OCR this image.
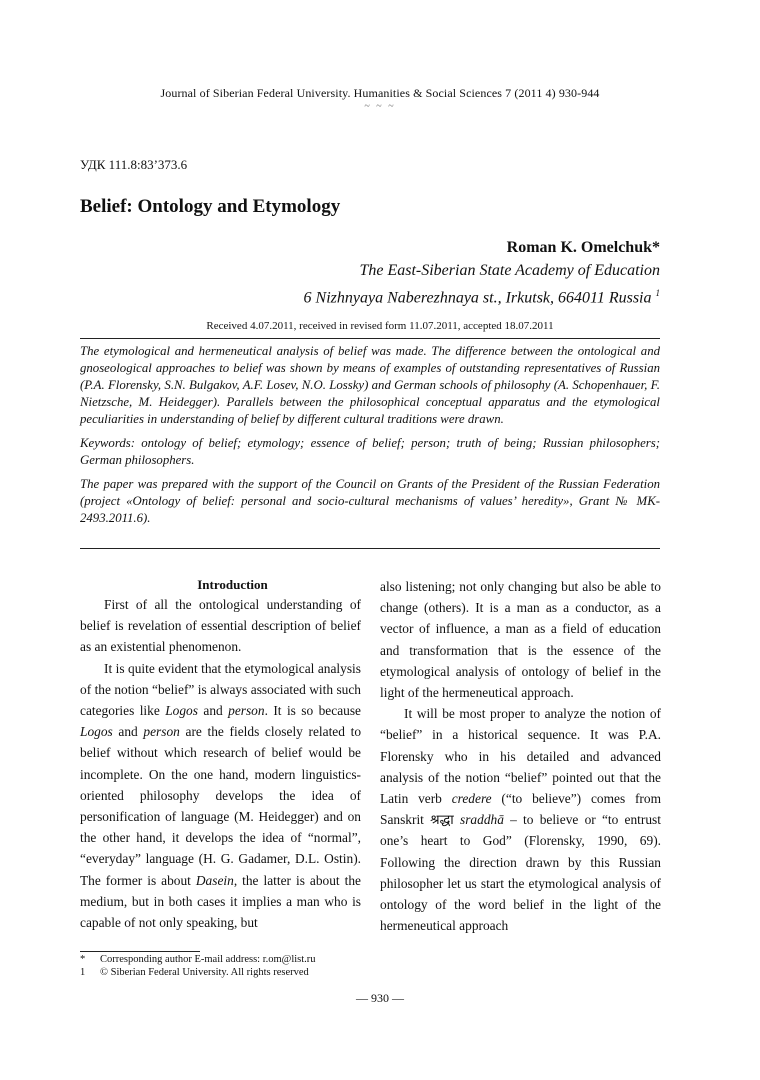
Journal of Siberian Federal University. Humanities & Social Sciences 7 (2011 4) 930-944
~ ~ ~
УДК 111.8:83’373.6
Belief: Ontology and Etymology
Roman K. Omelchuk*
The East-Siberian State Academy of Education
6 Nizhnyaya Naberezhnaya st., Irkutsk, 664011 Russia $^1$
Received 4.07.2011, received in revised form 11.07.2011, accepted 18.07.2011

The etymological and hermeneutical analysis of belief was made. The difference between the ontological and gnoseological approaches to belief was shown by means of examples of outstanding representatives of Russian (P.A. Florensky, S.N. Bulgakov, A.F. Losev, N.O. Lossky) and German schools of philosophy (A. Schopenhauer, F. Nietzsche, M. Heidegger). Parallels between the philosophical conceptual apparatus and the etymological peculiarities in understanding of belief by different cultural traditions were drawn.

Keywords: ontology of belief; etymology; essence of belief; person; truth of being; Russian philosophers; German philosophers.

The paper was prepared with the support of the Council on Grants of the President of the Russian Federation (project «Ontology of belief: personal and socio-cultural mechanisms of values’ heredity», Grant № MK-2493.2011.6).

Introduction

First of all the ontological understanding of belief is revelation of essential description of belief as an existential phenomenon.

It is quite evident that the etymological analysis of the notion “belief” is always associated with such categories like Logos and person. It is so because Logos and person are the fields closely related to belief without which research of belief would be incomplete. On the one hand, modern linguistics-oriented philosophy develops the idea of personification of language (M. Heidegger) and on the other hand, it develops the idea of “normal”, “everyday” language (H. G. Gadamer, D.L. Ostin). The former is about Dasein, the latter is about the medium, but in both cases it implies a man who is capable of not only speaking, but

also listening; not only changing but also be able to change (others). It is a man as a conductor, as a vector of influence, a man as a field of education and transformation that is the essence of the etymological analysis of ontology of belief in the light of the hermeneutical approach.

It will be most proper to analyze the notion of “belief” in a historical sequence. It was P.A. Florensky who in his detailed and advanced analysis of the notion “belief” pointed out that the Latin verb credere (“to believe”) comes from Sanskrit श्रद्धा sraddhā – to believe or “to entrust one’s heart to God” (Florensky, 1990, 69). Following the direction drawn by this Russian philosopher let us start the etymological analysis of ontology of the word belief in the light of the hermeneutical approach

* Corresponding author E-mail address: r.om@list.ru
1 © Siberian Federal University. All rights reserved
— 930 —
